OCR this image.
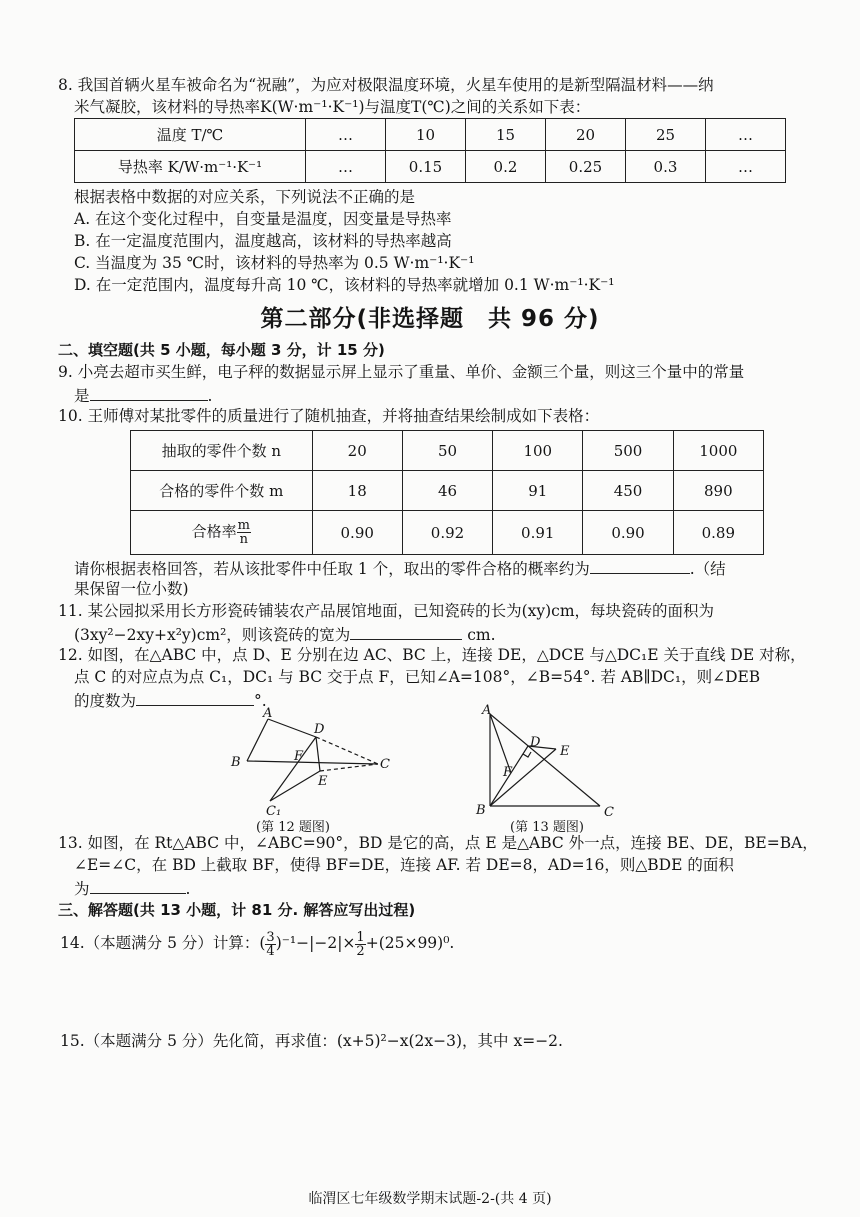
8. 我国首辆火星车被命名为“祝融”，为应对极限温度环境，火星车使用的是新型隔温材料——纳
米气凝胶，该材料的导热率K(W·m⁻¹·K⁻¹)与温度T(℃)之间的关系如下表：
温度 T/℃	…	10	15	20	25	…
导热率 K/W·m⁻¹·K⁻¹	…	0.15	0.2	0.25	0.3	…
根据表格中数据的对应关系，下列说法不正确的是
A. 在这个变化过程中，自变量是温度，因变量是导热率
B. 在一定温度范围内，温度越高，该材料的导热率越高
C. 当温度为 35 ℃时，该材料的导热率为 0.5 W·m⁻¹·K⁻¹
D. 在一定范围内，温度每升高 10 ℃，该材料的导热率就增加 0.1 W·m⁻¹·K⁻¹
第二部分(非选择题　共 96 分)
二、填空题(共 5 小题，每小题 3 分，计 15 分)
9. 小亮去超市买生鲜，电子秤的数据显示屏上显示了重量、单价、金额三个量，则这三个量中的常量
是	.
10. 王师傅对某批零件的质量进行了随机抽查，并将抽查结果绘制成如下表格：
抽取的零件个数 n	20	50	100	500	1000
合格的零件个数 m	18	46	91	450	890
合格率 $\frac{m}{n}$	0.90	0.92	0.91	0.90	0.89
请你根据表格回答，若从该批零件中任取 1 个，取出的零件合格的概率约为	.（结
果保留一位小数)
11. 某公园拟采用长方形瓷砖铺装农产品展馆地面，已知瓷砖的长为(xy)cm，每块瓷砖的面积为
(3xy²−2xy+x²y)cm²，则该瓷砖的宽为	cm.
12. 如图，在△ABC 中，点 D、E 分别在边 AC、BC 上，连接 DE，△DCE 与△DC₁E 关于直线 DE 对称，
点 C 的对应点为点 C₁，DC₁ 与 BC 交于点 F，已知∠A=108°，∠B=54°. 若 AB∥DC₁，则∠DEB
的度数为	°.
A
B	C
D
E
F
C₁
(第 12 题图)
A
B	C
D
E
F
(第 13 题图)
13. 如图，在 Rt△ABC 中，∠ABC=90°，BD 是它的高，点 E 是△ABC 外一点，连接 BE、DE，BE=BA，
∠E=∠C，在 BD 上截取 BF，使得 BF=DE，连接 AF. 若 DE=8，AD=16，则△BDE 的面积
为	.
三、解答题(共 13 小题，计 81 分. 解答应写出过程)
14.（本题满分 5 分）计算：( $\frac{3}{4} )^{-1}-|-2|\times \frac{1}{2} +(25\times 99)^0$.
15.（本题满分 5 分）先化简，再求值：(x+5)²−x(2x−3)，其中 x=−2.
临渭区七年级数学期末试题-2-(共 4 页)
